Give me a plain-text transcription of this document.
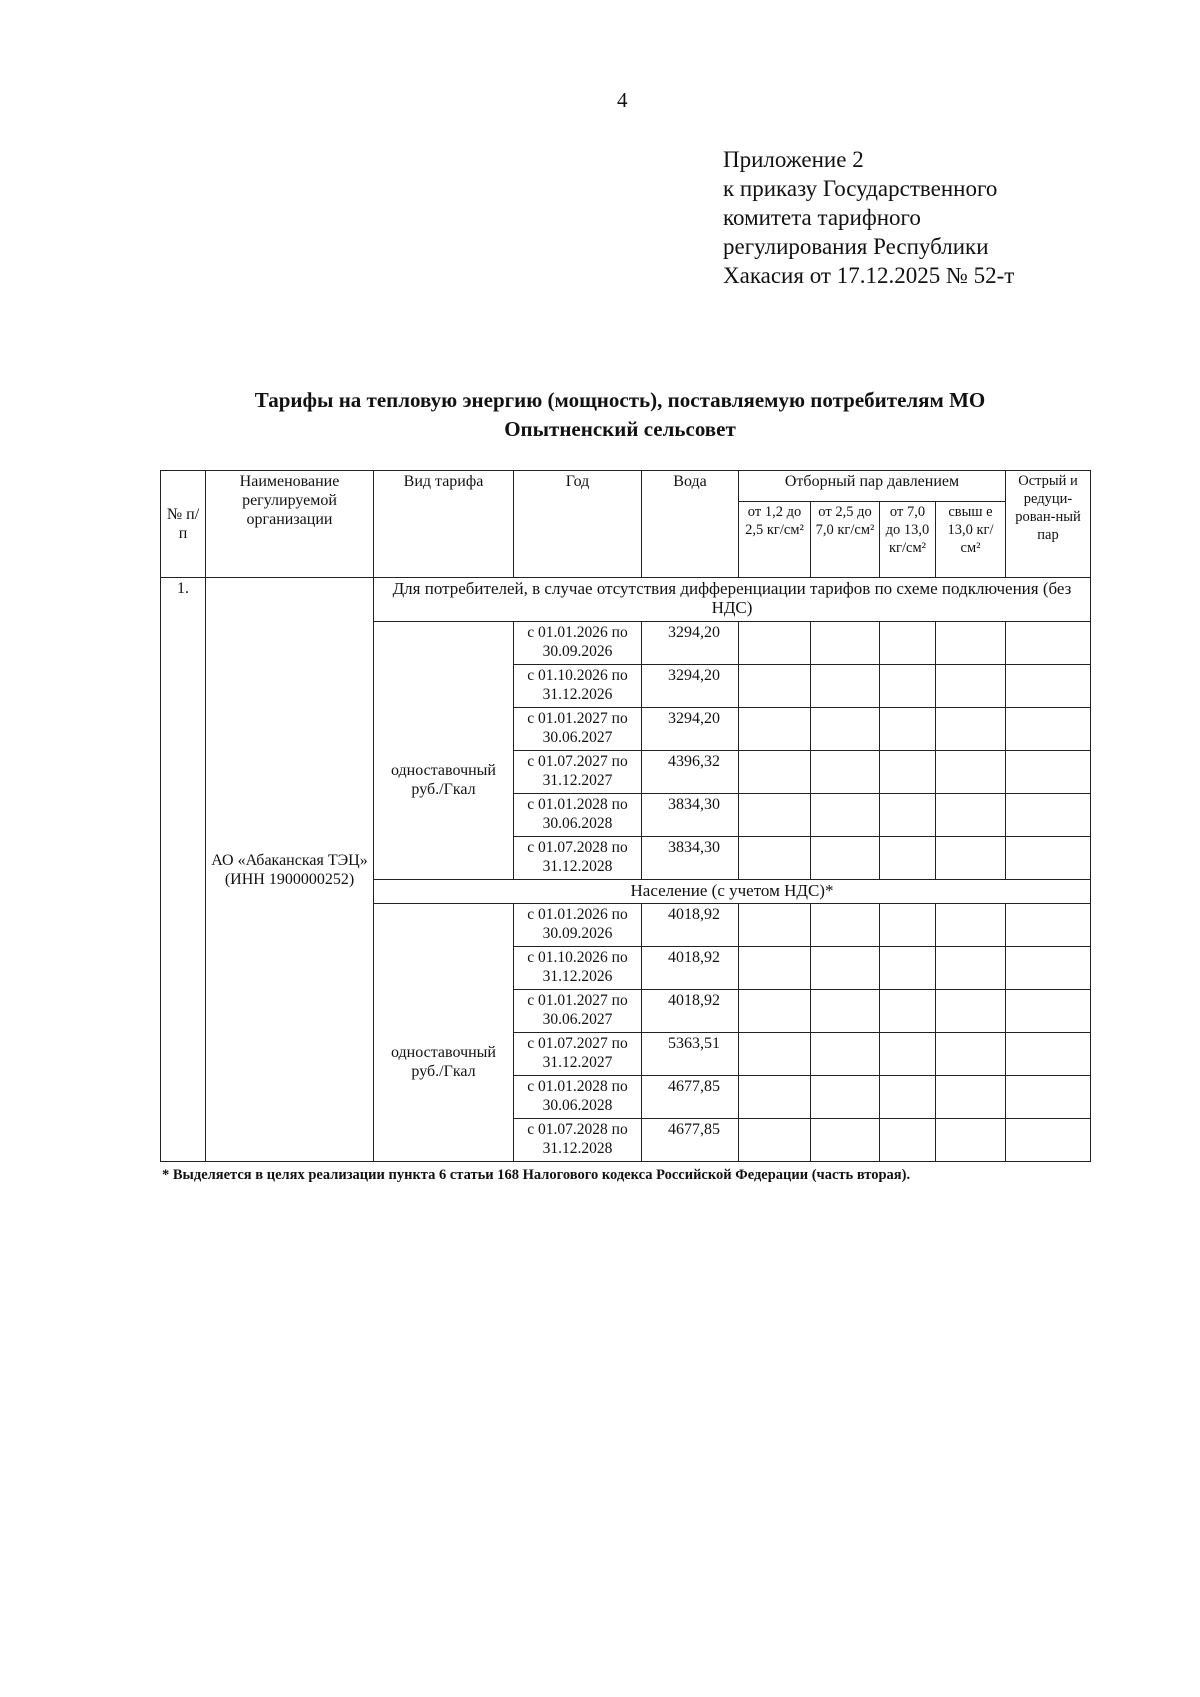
4
Приложение 2
к приказу Государственного
комитета тарифного
регулирования Республики
Хакасия от 17.12.2025 № 52-т
Тарифы на тепловую энергию (мощность), поставляемую потребителям МО
Опытненский сельсовет
№ п/п	Наименование регулируемой организации	Вид тарифа	Год	Вода	Отборный пар давлением				Острый и редуци-рован-ный пар
					от 1,2 до 2,5 кг/см²	от 2,5 до 7,0 кг/см²	от 7,0 до 13,0 кг/см²	свыш е 13,0 кг/см²	
1.	АО «Абаканская ТЭЦ» (ИНН 1900000252)	Для потребителей, в случае отсутствия дифференциации тарифов по схеме подключения (без НДС)							
		одноставочный руб./Гкал	с 01.01.2026 по 30.09.2026	3294,20					
			с 01.10.2026 по 31.12.2026	3294,20					
			с 01.01.2027 по 30.06.2027	3294,20					
			с 01.07.2027 по 31.12.2027	4396,32					
			с 01.01.2028 по 30.06.2028	3834,30					
			с 01.07.2028 по 31.12.2028	3834,30					
		Население (с учетом НДС)*							
		одноставочный руб./Гкал	с 01.01.2026 по 30.09.2026	4018,92					
			с 01.10.2026 по 31.12.2026	4018,92					
			с 01.01.2027 по 30.06.2027	4018,92					
			с 01.07.2027 по 31.12.2027	5363,51					
			с 01.01.2028 по 30.06.2028	4677,85					
			с 01.07.2028 по 31.12.2028	4677,85					
* Выделяется в целях реализации пункта 6 статьи 168 Налогового кодекса Российской Федерации (часть вторая).
